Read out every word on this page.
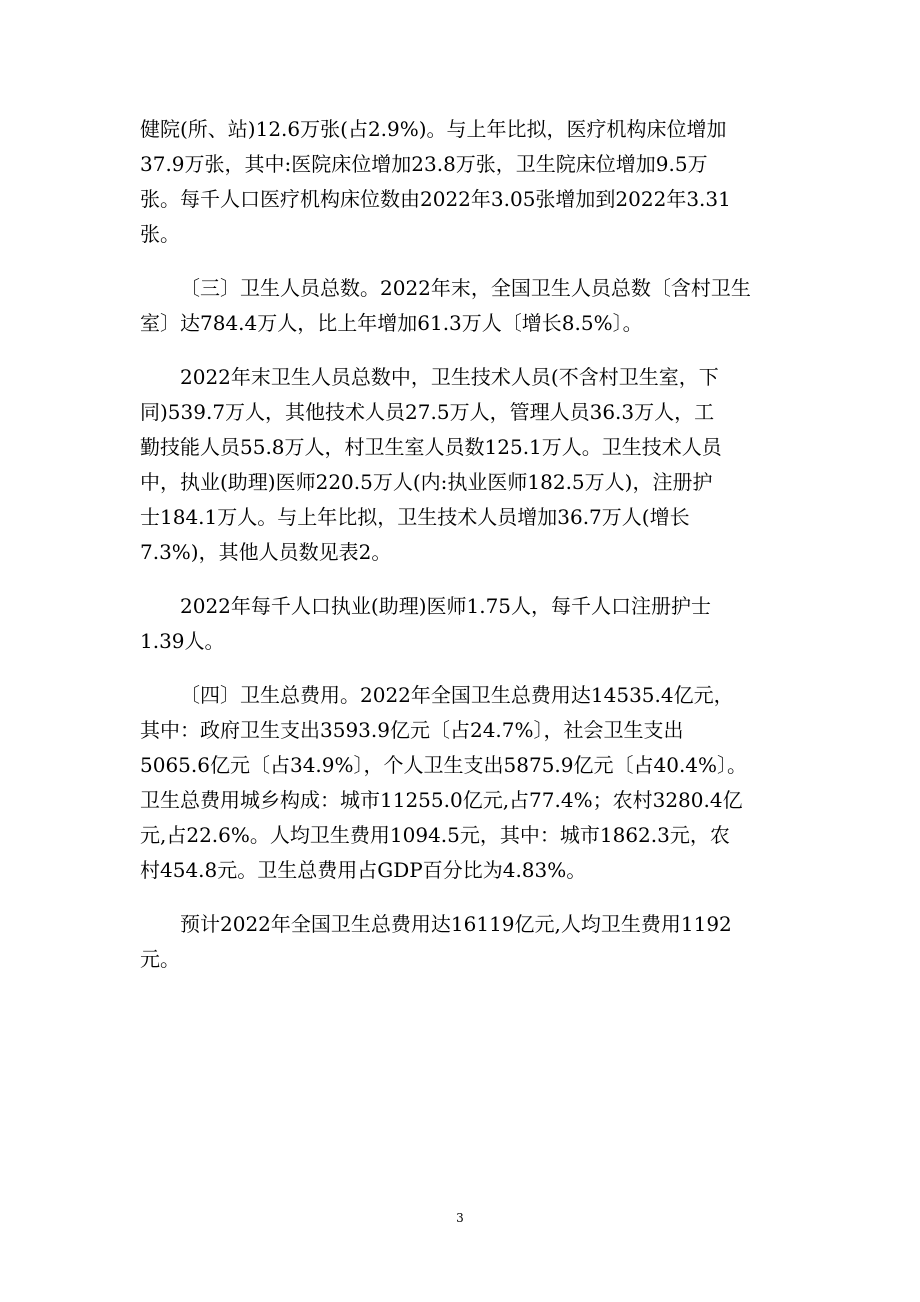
健院(所、站)12.6万张(占2.9%)。与上年比拟，医疗机构床位增加
37.9万张，其中:医院床位增加23.8万张，卫生院床位增加9.5万
张。每千人口医疗机构床位数由2022年3.05张增加到2022年3.31
张。

〔三〕卫生人员总数。2022年末，全国卫生人员总数〔含村卫生
室〕达784.4万人，比上年增加61.3万人〔增长8.5%〕。

2022年末卫生人员总数中，卫生技术人员(不含村卫生室，下
同)539.7万人，其他技术人员27.5万人，管理人员36.3万人，工
勤技能人员55.8万人，村卫生室人员数125.1万人。卫生技术人员
中，执业(助理)医师220.5万人(内:执业医师182.5万人)，注册护
士184.1万人。与上年比拟，卫生技术人员增加36.7万人(增长
7.3%)，其他人员数见表2。

2022年每千人口执业(助理)医师1.75人，每千人口注册护士
1.39人。

〔四〕卫生总费用。2022年全国卫生总费用达14535.4亿元，
其中：政府卫生支出3593.9亿元〔占24.7%〕，社会卫生支出
5065.6亿元〔占34.9%〕，个人卫生支出5875.9亿元〔占40.4%〕。
卫生总费用城乡构成：城市11255.0亿元,占77.4%；农村3280.4亿
元,占22.6%。人均卫生费用1094.5元，其中：城市1862.3元，农
村454.8元。卫生总费用占GDP百分比为4.83%。

预计2022年全国卫生总费用达16119亿元,人均卫生费用1192
元。

3
